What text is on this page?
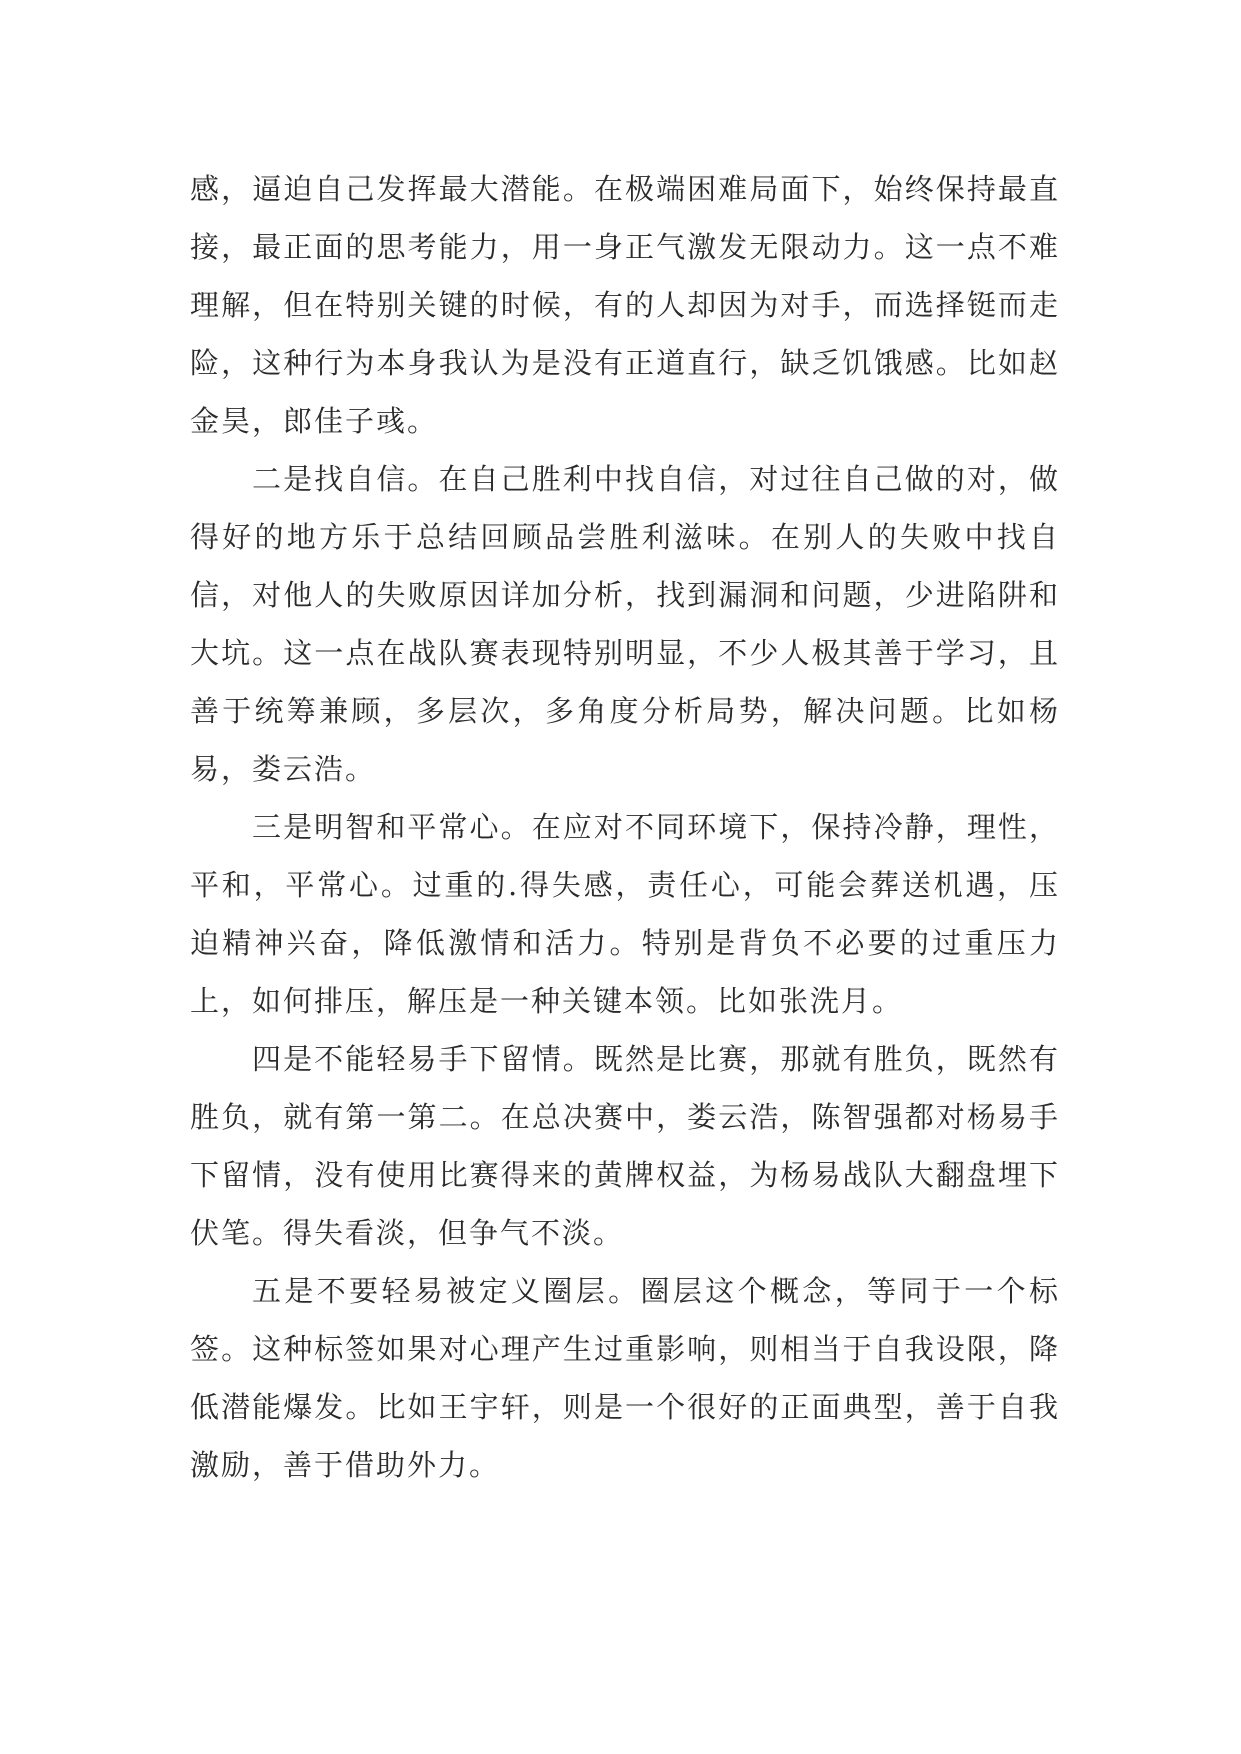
感，逼迫自己发挥最大潜能。在极端困难局面下，始终保持最直接，最正面的思考能力，用一身正气激发无限动力。这一点不难理解，但在特别关键的时候，有的人却因为对手，而选择铤而走险，这种行为本身我认为是没有正道直行，缺乏饥饿感。比如赵金昊，郎佳子彧。

二是找自信。在自己胜利中找自信，对过往自己做的对，做得好的地方乐于总结回顾品尝胜利滋味。在别人的失败中找自信，对他人的失败原因详加分析，找到漏洞和问题，少进陷阱和大坑。这一点在战队赛表现特别明显，不少人极其善于学习，且善于统筹兼顾，多层次，多角度分析局势，解决问题。比如杨易，娄云浩。

三是明智和平常心。在应对不同环境下，保持冷静，理性，平和，平常心。过重的.得失感，责任心，可能会葬送机遇，压迫精神兴奋，降低激情和活力。特别是背负不必要的过重压力上，如何排压，解压是一种关键本领。比如张洗月。

四是不能轻易手下留情。既然是比赛，那就有胜负，既然有胜负，就有第一第二。在总决赛中，娄云浩，陈智强都对杨易手下留情，没有使用比赛得来的黄牌权益，为杨易战队大翻盘埋下伏笔。得失看淡，但争气不淡。

五是不要轻易被定义圈层。圈层这个概念，等同于一个标签。这种标签如果对心理产生过重影响，则相当于自我设限，降低潜能爆发。比如王宇轩，则是一个很好的正面典型，善于自我激励，善于借助外力。
